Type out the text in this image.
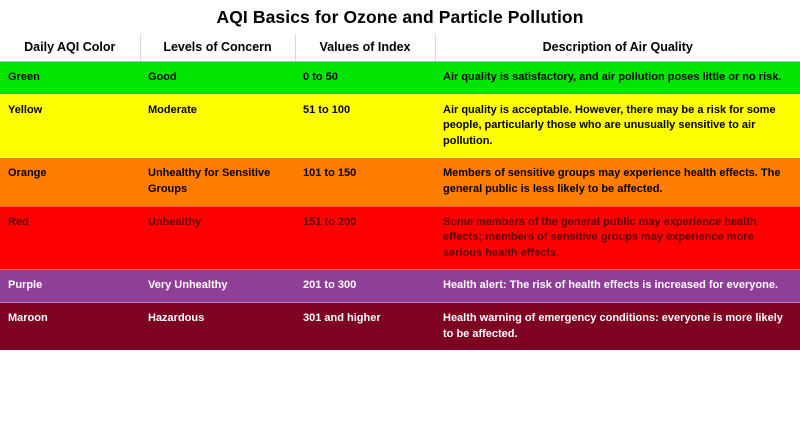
AQI Basics for Ozone and Particle Pollution
Daily AQI Color	Levels of Concern	Values of Index	Description of Air Quality
Green	Good	0 to 50	Air quality is satisfactory, and air pollution poses little or no risk.
Yellow	Moderate	51 to 100	Air quality is acceptable. However, there may be a risk for some people, particularly those who are unusually sensitive to air pollution.
Orange	Unhealthy for Sensitive Groups	101 to 150	Members of sensitive groups may experience health effects. The general public is less likely to be affected.
Red	Unhealthy	151 to 200	Some members of the general public may experience health effects; members of sensitive groups may experience more serious health effects.
Purple	Very Unhealthy	201 to 300	Health alert: The risk of health effects is increased for everyone.
Maroon	Hazardous	301 and higher	Health warning of emergency conditions: everyone is more likely to be affected.
